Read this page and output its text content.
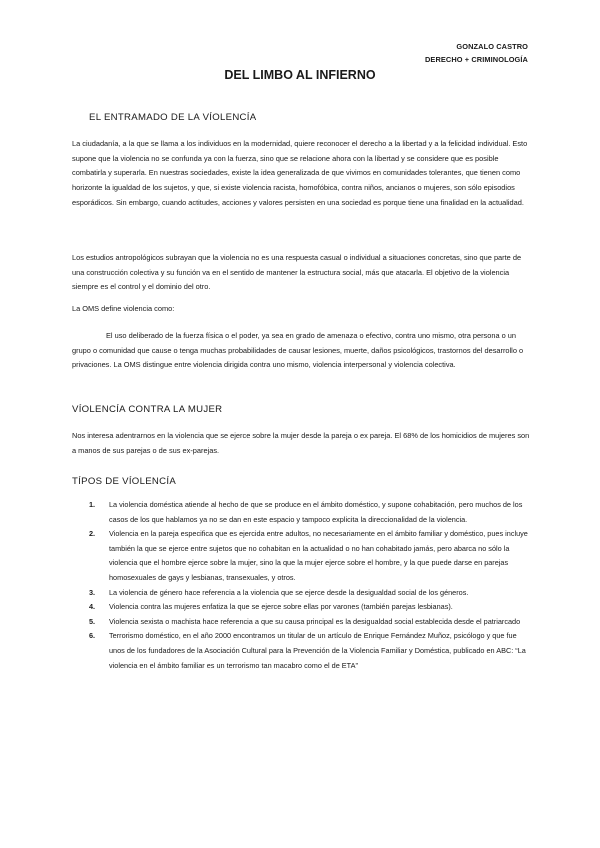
GONZALO CASTRO
DERECHO + CRIMINOLOGÍA
DEL LIMBO AL INFIERNO
EL ENTRAMADO DE LA VÍOLENCÍA

La ciudadanía, a la que se llama a los individuos en la modernidad, quiere reconocer el derecho a la libertad y a la felicidad individual. Esto supone que la violencia no se confunda ya con la fuerza, sino que se relacione ahora con la libertad y se considere que es posible combatirla y superarla. En nuestras sociedades, existe la idea generalizada de que vivimos en comunidades tolerantes, que tienen como horizonte la igualdad de los sujetos, y que, si existe violencia racista, homofóbica, contra niños, ancianos o mujeres, son sólo episodios esporádicos. Sin embargo, cuando actitudes, acciones y valores persisten en una sociedad es porque tiene una finalidad en la actualidad.

Los estudios antropológicos subrayan que la violencia no es una respuesta casual o individual a situaciones concretas, sino que parte de una construcción colectiva y su función va en el sentido de mantener la estructura social, más que atacarla. El objetivo de la violencia siempre es el control y el dominio del otro.

La OMS define violencia como:

El uso deliberado de la fuerza física o el poder, ya sea en grado de amenaza o efectivo, contra uno mismo, otra persona o un grupo o comunidad que cause o tenga muchas probabilidades de causar lesiones, muerte, daños psicológicos, trastornos del desarrollo o privaciones. La OMS distingue entre violencia dirigida contra uno mismo, violencia interpersonal y violencia colectiva.

VÍOLENCÍA CONTRA LA MUJER

Nos interesa adentrarnos en la violencia que se ejerce sobre la mujer desde la pareja o ex pareja. El 68% de los homicidios de mujeres son a manos de sus parejas o de sus ex-parejas.

TÍPOS DE VÍOLENCÍA
1. La violencia doméstica atiende al hecho de que se produce en el ámbito doméstico, y supone cohabitación, pero muchos de los casos de los que hablamos ya no se dan en este espacio y tampoco explicita la direccionalidad de la violencia.
2. Violencia en la pareja especifica que es ejercida entre adultos, no necesariamente en el ámbito familiar y doméstico, pues incluye también la que se ejerce entre sujetos que no cohabitan en la actualidad o no han cohabitado jamás, pero abarca no sólo la violencia que el hombre ejerce sobre la mujer, sino la que la mujer ejerce sobre el hombre, y la que puede darse en parejas homosexuales de gays y lesbianas, transexuales, y otros.
3. La violencia de género hace referencia a la violencia que se ejerce desde la desigualdad social de los géneros.
4. Violencia contra las mujeres enfatiza la que se ejerce sobre ellas por varones (también parejas lesbianas).
5. Violencia sexista o machista hace referencia a que su causa principal es la desigualdad social establecida desde el patriarcado
6. Terrorismo doméstico, en el año 2000 encontramos un titular de un artículo de Enrique Fernández Muñoz, psicólogo y que fue unos de los fundadores de la Asociación Cultural para la Prevención de la Violencia Familiar y Doméstica, publicado en ABC: “La violencia en el ámbito familiar es un terrorismo tan macabro como el de ETA”
